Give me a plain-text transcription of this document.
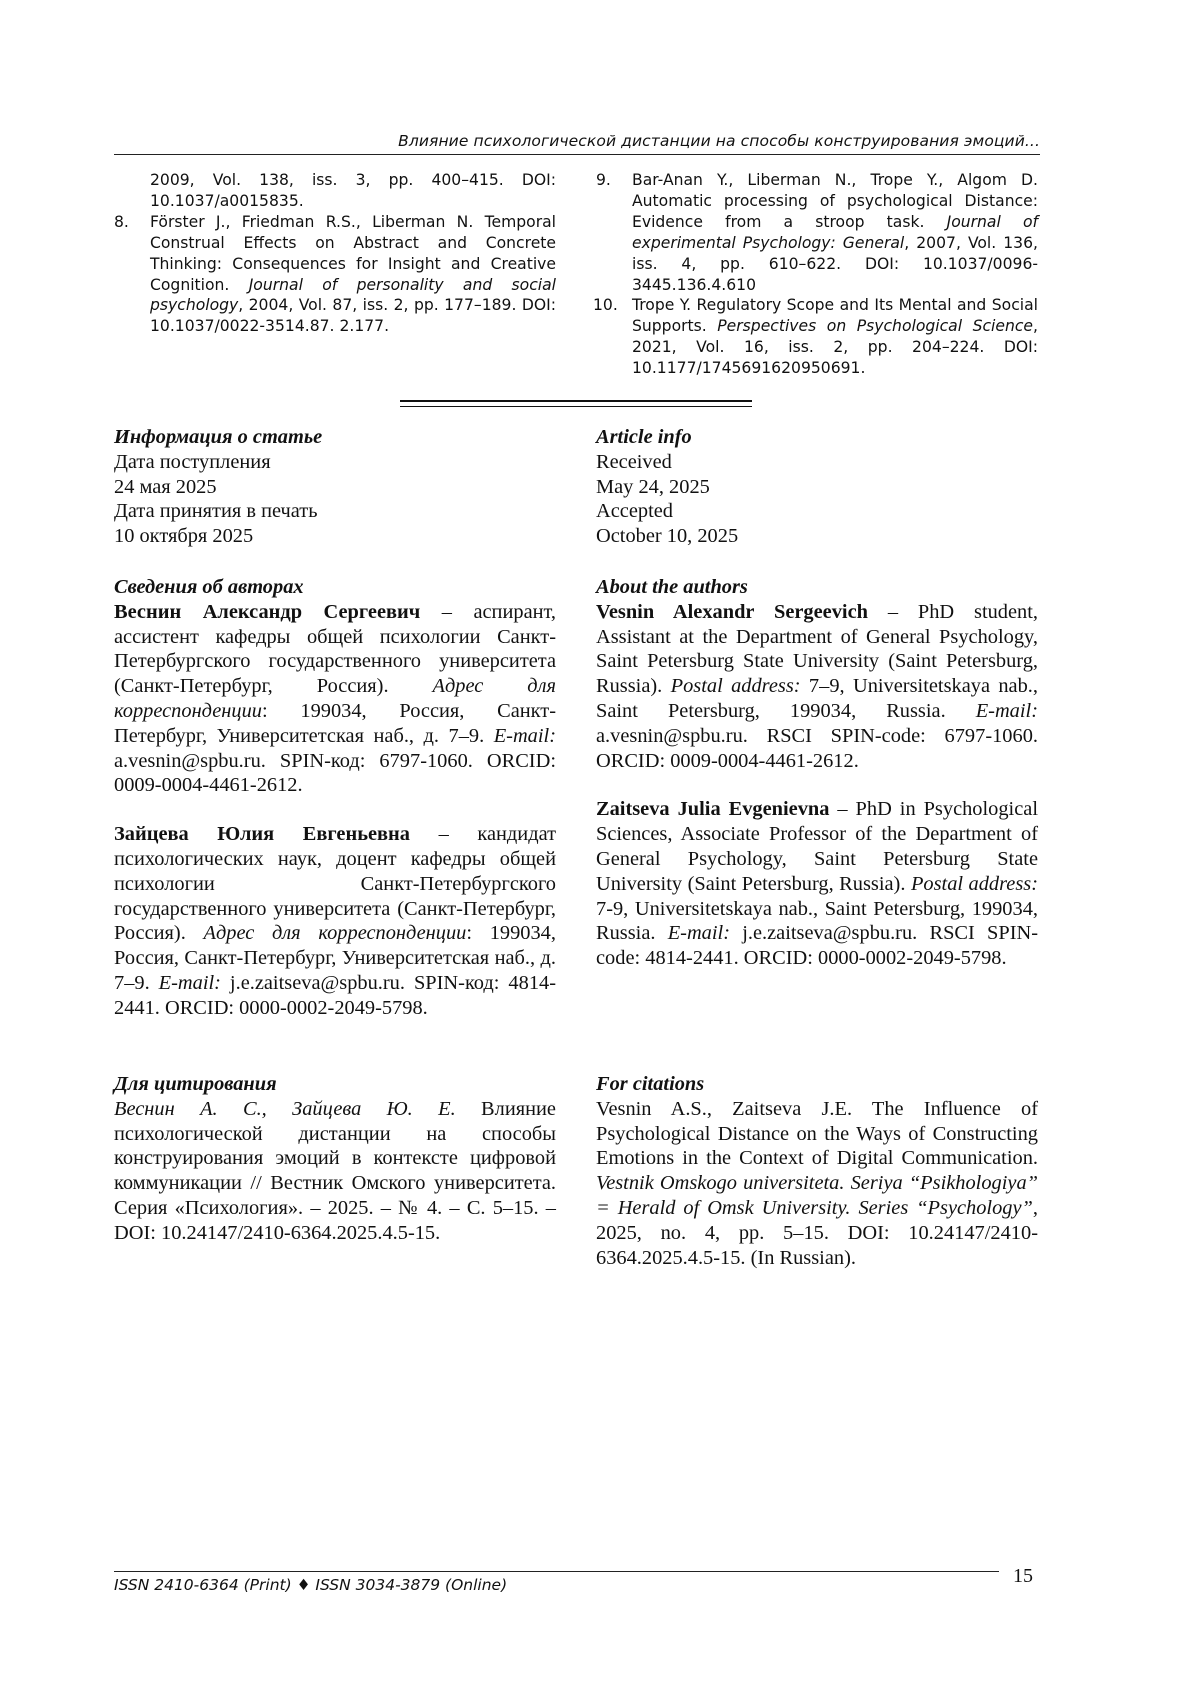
Влияние психологической дистанции на способы конструирования эмоций...
2009, Vol. 138, iss. 3, pp. 400–415. DOI: 10.1037/a0015835.
8. Förster J., Friedman R.S., Liberman N. Temporal Construal Effects on Abstract and Concrete Thinking: Consequences for Insight and Creative Cognition. Journal of personality and social psychology, 2004, Vol. 87, iss. 2, pp. 177–189. DOI: 10.1037/0022-3514.87. 2.177.
9. Bar-Anan Y., Liberman N., Trope Y., Algom D. Automatic processing of psychological Distance: Evidence from a stroop task. Journal of experimental Psychology: General, 2007, Vol. 136, iss. 4, pp. 610–622. DOI: 10.1037/0096-3445.136.4.610
10. Trope Y. Regulatory Scope and Its Mental and Social Supports. Perspectives on Psychological Science, 2021, Vol. 16, iss. 2, pp. 204–224. DOI: 10.1177/1745691620950691.
Информация о статье
Дата поступления
24 мая 2025
Дата принятия в печать
10 октября 2025
Article info
Received
May 24, 2025
Accepted
October 10, 2025
Сведения об авторах

Веснин Александр Сергеевич – аспирант, ассистент кафедры общей психологии Санкт-Петербургского государственного университета (Санкт-Петербург, Россия). Адрес для корреспонденции: 199034, Россия, Санкт-Петербург, Университетская наб., д. 7–9. E-mail: a.vesnin@spbu.ru. SPIN-код: 6797-1060. ORCID: 0009-0004-4461-2612.

Зайцева Юлия Евгеньевна – кандидат психологических наук, доцент кафедры общей психологии Санкт-Петербургского государственного университета (Санкт-Петербург, Россия). Адрес для корреспонденции: 199034, Россия, Санкт-Петербург, Университетская наб., д. 7–9. E-mail: j.e.zaitseva@spbu.ru. SPIN-код: 4814-2441. ORCID: 0000-0002-2049-5798.

About the authors

Vesnin Alexandr Sergeevich – PhD student, Assistant at the Department of General Psychology, Saint Petersburg State University (Saint Petersburg, Russia). Postal address: 7–9, Universitetskaya nab., Saint Petersburg, 199034, Russia. E-mail: a.vesnin@spbu.ru. RSCI SPIN-code: 6797-1060. ORCID: 0009-0004-4461-2612.

Zaitseva Julia Evgenievna – PhD in Psychological Sciences, Associate Professor of the Department of General Psychology, Saint Petersburg State University (Saint Petersburg, Russia). Postal address: 7-9, Universitetskaya nab., Saint Petersburg, 199034, Russia. E-mail: j.e.zaitseva@spbu.ru. RSCI SPIN-code: 4814-2441. ORCID: 0000-0002-2049-5798.

Для цитирования

Веснин А. С., Зайцева Ю. Е. Влияние психологической дистанции на способы конструирования эмоций в контексте цифровой коммуникации // Вестник Омского университета. Серия «Психология». – 2025. – № 4. – С. 5–15. – DOI: 10.24147/2410-6364.2025.4.5-15.

For citations

Vesnin A.S., Zaitseva J.E. The Influence of Psychological Distance on the Ways of Constructing Emotions in the Context of Digital Communication. Vestnik Omskogo universiteta. Seriya “Psikhologiya” = Herald of Omsk University. Series “Psychology”, 2025, no. 4, pp. 5–15. DOI: 10.24147/2410-6364.2025.4.5-15. (In Russian).

ISSN 2410-6364 (Print) ♦ ISSN 3034-3879 (Online)	15
